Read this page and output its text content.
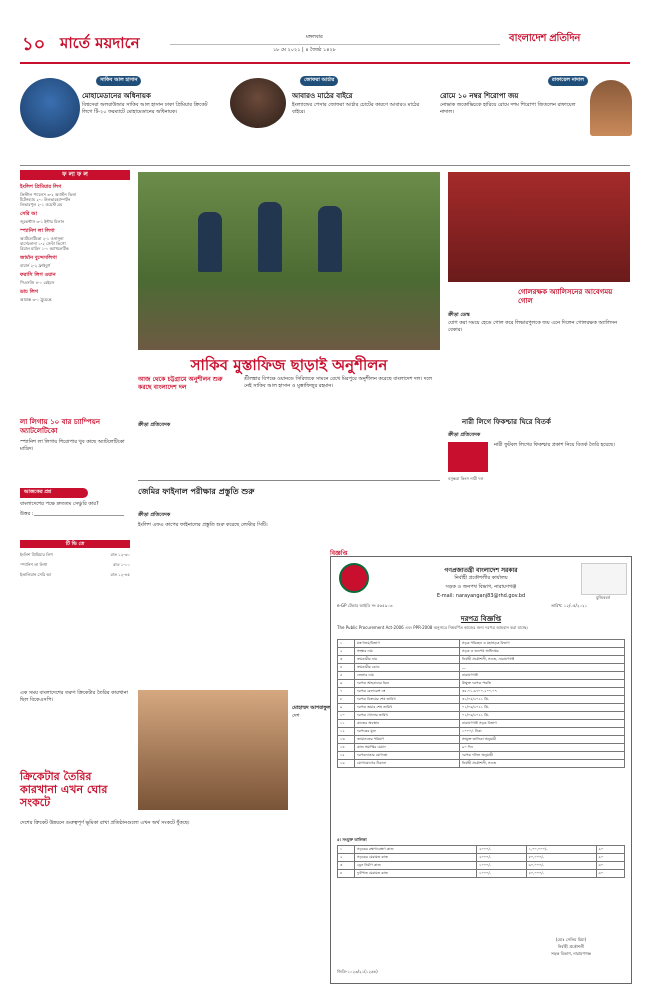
১০ মার্তে ময়দানে	মঙ্গলবার
১৮ মে ২০২১ | ৪ জ্যৈষ্ঠ ১৪২৮
বাংলাদেশ প্রতিদিন
সাকিব আল হাসান
মোহামেডানের অধিনায়ক
বিশ্বসেরা অলরাউন্ডার সাকিব আল হাসান ঢাকা প্রিমিয়ার ক্রিকেট লিগে টি-২০ ফরম্যাটে মোহামেডানের অধিনায়ক।
জোফরা আর্চার
আবারও মাঠের বাইরে
ইংল্যান্ডের পেসার জোফরা আর্চার চোটের কারণে আবারও মাঠের বাইরে।
রাফায়েল নাদাল
রোমে ১০ নম্বর শিরোপা জয়
নোভাক জকোভিচকে হারিয়ে রোমে দশম শিরোপা জিতলেন রাফায়েল নাদাল।
ফ লা ফ ল
ইংলিশ প্রিমিয়ার লিগ
ক্রিস্টাল প্যালেস ৩-২ অ্যাস্টন ভিলা
টটেনহ্যাম ২-০ উলভারহ্যাম্পটন
লিভারপুল ২-১ ওয়েস্ট ব্রম
সেরি আ
জুভেন্টাস ৩-১ ইন্টার মিলান
স্প্যানিশ লা লিগা
অ্যাটলেটিকো ২-১ ওসাসুনা
বার্সেলোনা ১-২ সেল্টা ভিগো
রিয়াল মাদ্রিদ ১-০ অ্যাথলেটিক
জার্মান বুন্দেসলিগা
বায়ার্ন ২-২ ফ্রাইবুর্গ
ফরাসি লিগ ওয়ান
পিএসজি ৪-০ রেইমস
ডাচ লিগ
আয়াক্স ৩-০ ট্রুয়েন্তে
লা লিগায় ১০ বার চ্যাম্পিয়ন অ্যাটলেটিকো
স্প্যানিশ লা লিগায় শিরোপার খুব কাছে অ্যাটলেটিকো মাদ্রিদ।
আজকের প্রশ্ন
বাংলাদেশের পক্ষে দ্রুততম সেঞ্চুরি কার?
উত্তর :
টি ভি তে
ইংলিশ প্রিমিয়ার লিগ	রাত ১২-৩০
স্প্যানিশ লা লিগা	রাত ১-০০
ইতালিয়ান সেরি আ	রাত ১২-৪৫
গোলরক্ষক অ্যালিসনের আবেগময় গোল
ক্রীড়া ডেস্ক
যোগ করা সময়ে হেডে গোল করে লিভারপুলকে জয় এনে দিলেন গোলরক্ষক অ্যালিসন বেকার।
সাকিব মুস্তাফিজ ছাড়াই অনুশীলন
আজ থেকে চট্টগ্রামে অনুশীলন শুরু করছে বাংলাদেশ দল
ক্রীড়া প্রতিবেদক
শ্রীলঙ্কার বিপক্ষে ওয়ানডে সিরিজকে সামনে রেখে মিরপুরে অনুশীলন করেছে বাংলাদেশ দল। দলে নেই সাকিব আল হাসান ও মুস্তাফিজুর রহমান।
জেমির ফাইনাল পরীক্ষার প্রস্তুতি শুরু
ক্রীড়া প্রতিবেদক
ইংলিশ এফএ কাপের ফাইনালের প্রস্তুতি শুরু করেছে লেস্টার সিটি।
নারী লিগে ফিকশ্চার ঘিরে বিতর্ক
ক্রীড়া প্রতিবেদক
বসুন্ধরা কিংস নারী দল
নারী ফুটবল লিগের ফিকশ্চার প্রকাশ নিয়ে বিতর্ক তৈরি হয়েছে।
মোহাম্মদ আশরাফুল
দেশ
এক সময় বাংলাদেশের তরুণ ক্রিকেটার তৈরির কারখানা ছিল বিকেএসপি।
ক্রিকেটার তৈরির কারখানা এখন ঘোর সংকটে
দেশের ক্রিকেট উন্নয়নে গুরুত্বপূর্ণ ভূমিকা রাখা প্রতিষ্ঠানগুলো এখন অর্থ সংকটে ধুঁকছে।
বিজ্ঞপ্তি
গণপ্রজাতন্ত্রী বাংলাদেশ সরকার
নির্বাহী প্রকৌশলীর কার্যালয়
সড়ক ও জনপথ বিভাগ, নারায়ণগঞ্জ
E-mail: narayanganj83@rhd.gov.bd	মুজিববর্ষ
তারিখ: ১২/০৫/২০২১
দরপত্র বিজ্ঞপ্তি
e-GP টেন্ডার আইডি নং ৫৬৫৯০৩
The Public Procurement Act-2006 এবং PPR-2008 অনুসারে নিম্নবর্ণিত কাজের জন্য দরপত্র আহবান করা যাচ্ছে।
১	মন্ত্রণালয়/বিভাগ	সড়ক পরিবহন ও মহাসড়ক বিভাগ
২	সংস্থার নাম	সড়ক ও জনপথ অধিদপ্তর
৩	ক্রয়কারীর নাম	নির্বাহী প্রকৌশলী, সওজ, নারায়ণগঞ্জ
৪	ক্রয়কারীর কোড	—
৫	জেলার নাম	নারায়ণগঞ্জ
৬	দরপত্র আহবানের ধরন	উন্মুক্ত দরপত্র পদ্ধতি
৭	দরপত্র রেফারেন্স নং	৩৫.০১.৬৭০০.২০০.০৭
৮	দরপত্র বিক্রয়ের শেষ তারিখ	৩১/০৫/২০২১ খ্রি.
৯	দরপত্র জমার শেষ তারিখ	০১/০৬/২০২১ খ্রি.
১০	দরপত্র খোলার তারিখ	০১/০৬/২০২১ খ্রি.
১১	কাজের অবস্থান	নারায়ণগঞ্জ সড়ক বিভাগ
১২	দরপত্রের মূল্য	১০০০/- টাকা
১৩	জামানতের পরিমাণ	সংযুক্ত তালিকা অনুযায়ী
১৪	কাজ সমাপ্তির মেয়াদ	৯০ দিন
১৫	দরপত্রদাতার যোগ্যতা	দরপত্র দলিল অনুযায়ী
১৬	যোগাযোগের ঠিকানা	নির্বাহী প্রকৌশলী, সওজ
৫। সংযুক্ত তালিকা
১	সড়কের রক্ষণাবেক্ষণ কাজ	২০০০/-	১,০০,০০০/-	৯০
২	সড়কের মেরামত কাজ	২০০০/-	৮০,০০০/-	৯০
৩	ড্রেন নির্মাণ কাজ	১০০০/-	৬০,০০০/-	৬০
৪	ফুটপাত মেরামত কাজ	১০০০/-	৫০,০০০/-	৬০
(মোঃ সেলিম মিয়া)
নির্বাহী প্রকৌশলী
সড়ক বিভাগ, নারায়ণগঞ্জ
জিডি-১০২৩/২১(১২৬৪)
